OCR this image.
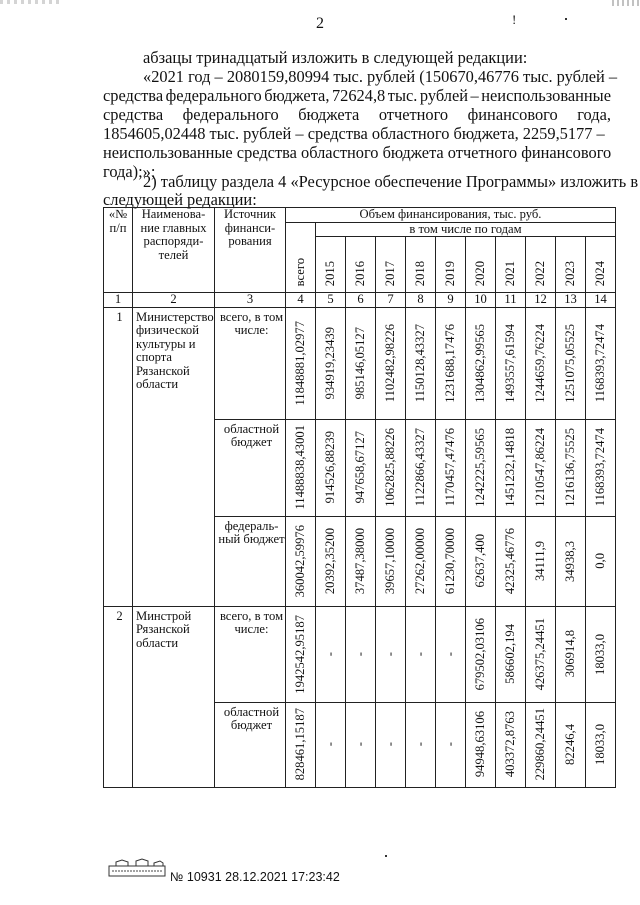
2	!
абзацы тринадцатый изложить в следующей редакции:
«2021 год – 2080159,80994 тыс. рублей (150670,46776 тыс. рублей –
средства федерального бюджета, 72624,8 тыс. рублей – неиспользованные
средства федерального бюджета отчетного финансового года,
1854605,02448 тыс. рублей – средства областного бюджета, 2259,5177 –
неиспользованные средства областного бюджета отчетного финансового
года);»;
2) таблицу раздела 4 «Ресурсное обеспечение Программы» изложить в
следующей редакции:
«№ п/п	Наименова-ние главных распоряди-телей	Источник финанси-рования	Объем финансирования, тыс. руб.										

			всего	в том числе по годам									

				2015	2016	2017	2018	2019	2020	2021	2022	2023	2024

1	2	3	4	5	6	7	8	9	10	11	12	13	14
1	Министерство физической культуры и спорта Рязанской области	всего, в том числе:	11848881,02977	934919,23439	985146,05127	1102482,98226	1150128,43327	1231688,17476	1304862,99565	1493557,61594	1244659,76224	1251075,05525	1168393,72474

		областной бюджет	11488838,43001	914526,88239	947658,67127	1062825,88226	1122866,43327	1170457,47476	1242225,59565	1451232,14818	1210547,86224	1216136,75525	1168393,72474

		федераль-ный бюджет	360042,59976	20392,35200	37487,38000	39657,10000	27262,00000	61230,70000	62637,400	42325,46776	34111,9	34938,3	0,0

2	Минстрой Рязанской области	всего, в том числе:	1942542,95187	-	-	-	-	-	679502,03106	586602,194	426375,24451	306914,8	18033,0

		областной бюджет	828461,15187	-	-	-	-	-	94948,63106	403372,8763	229860,24451	82246,4	18033,0
№ 10931 28.12.2021 17:23:42
